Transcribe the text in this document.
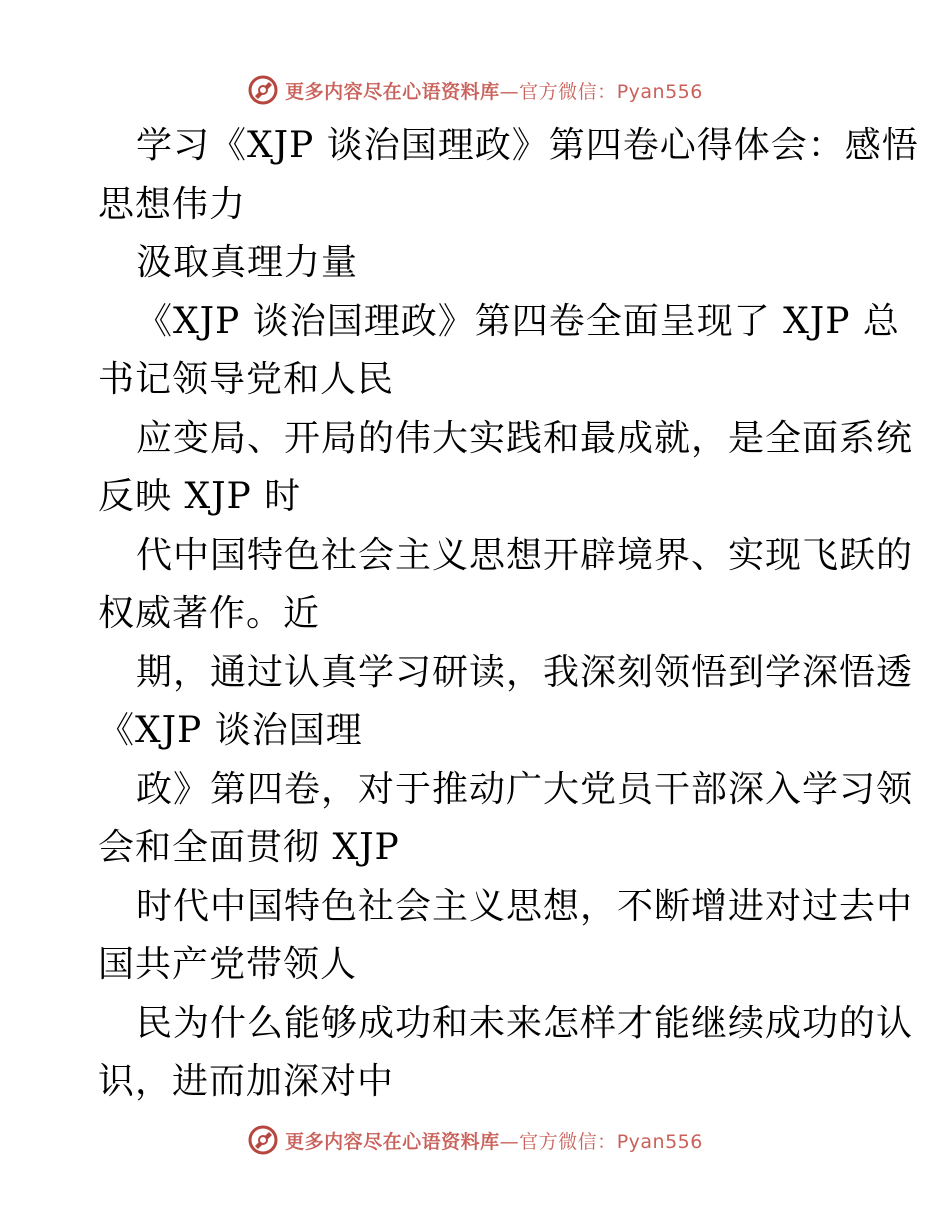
更多内容尽在心语资料库—官方微信：Pyan556
学习《XJP 谈治国理政》第四卷心得体会：感悟
思想伟力
汲取真理力量
《XJP 谈治国理政》第四卷全面呈现了 XJP 总
书记领导党和人民
应变局、开局的伟大实践和最成就，是全面系统
反映 XJP 时
代中国特色社会主义思想开辟境界、实现飞跃的
权威著作。近
期，通过认真学习研读，我深刻领悟到学深悟透
《XJP 谈治国理
政》第四卷，对于推动广大党员干部深入学习领
会和全面贯彻 XJP
时代中国特色社会主义思想，不断增进对过去中
国共产党带领人
民为什么能够成功和未来怎样才能继续成功的认
识，进而加深对中
更多内容尽在心语资料库—官方微信：Pyan556
